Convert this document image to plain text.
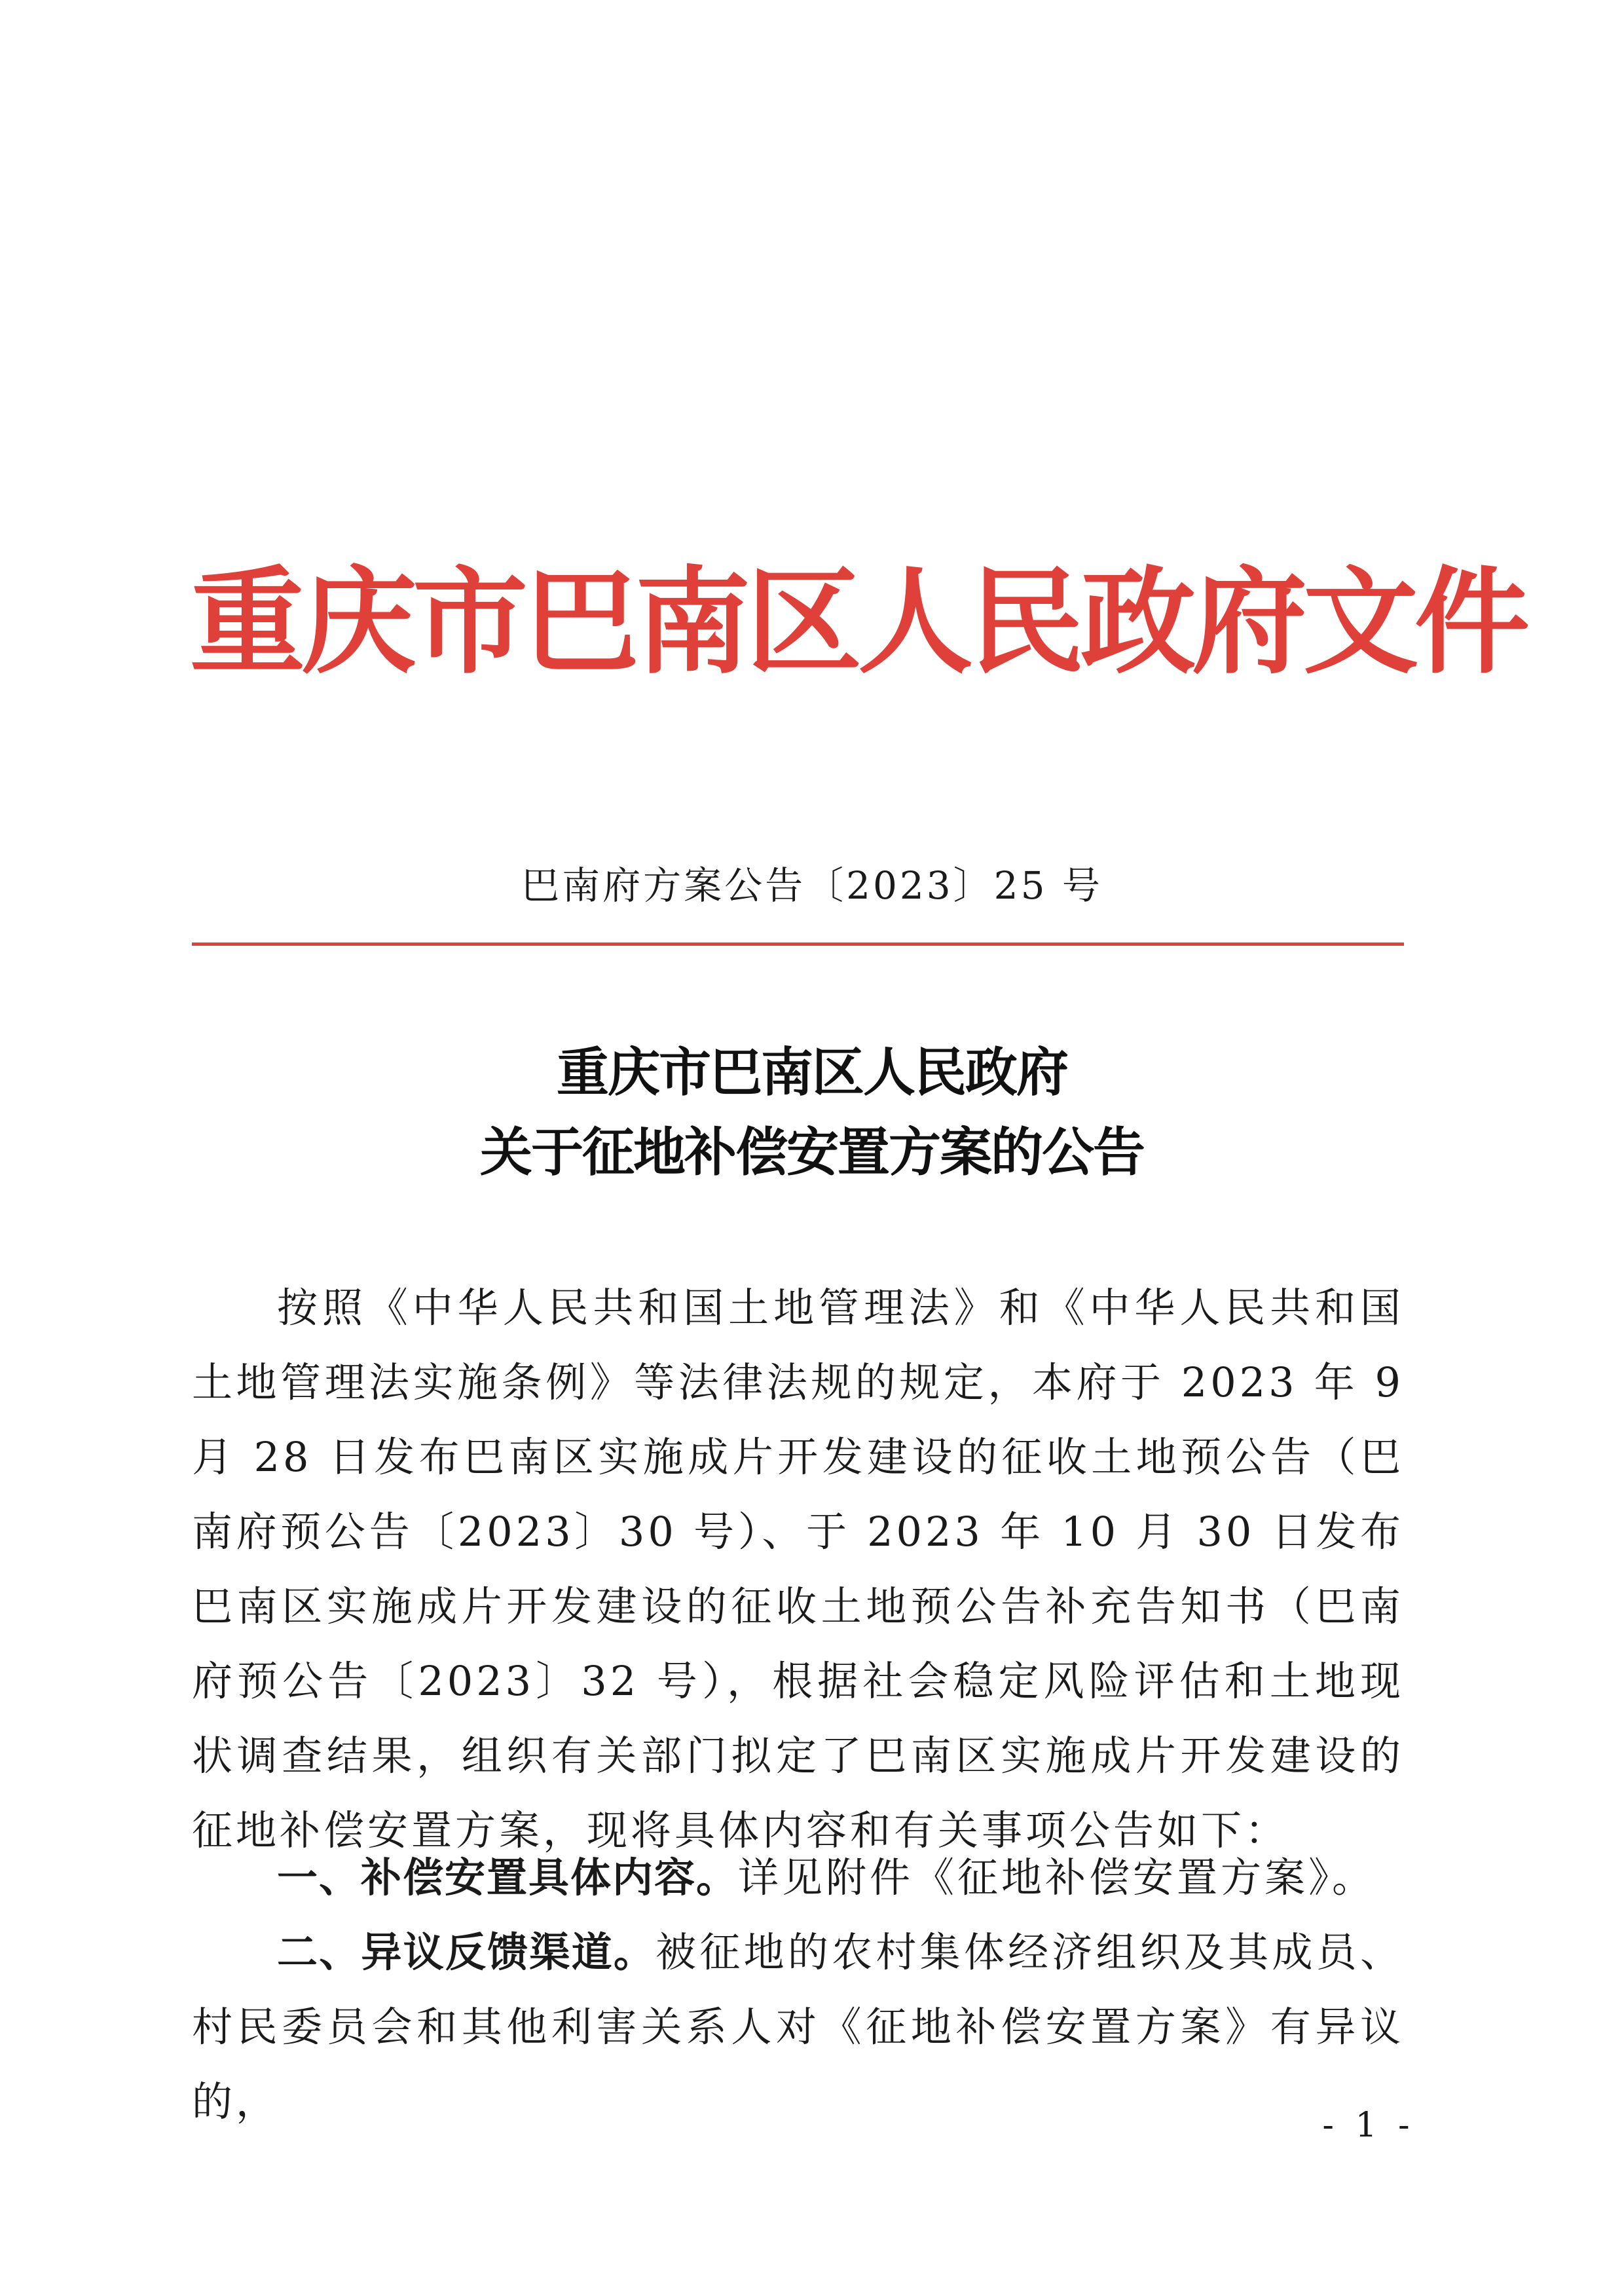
重庆市巴南区人民政府文件
巴南府方案公告〔2023〕25 号
重庆市巴南区人民政府
关于征地补偿安置方案的公告

按照《中华人民共和国土地管理法》和《中华人民共和国土地管理法实施条例》等法律法规的规定，本府于 2023 年 9 月 28 日发布巴南区实施成片开发建设的征收土地预公告（巴南府预公告〔2023〕30 号）、于 2023 年 10 月 30 日发布巴南区实施成片开发建设的征收土地预公告补充告知书（巴南府预公告〔2023〕32 号），根据社会稳定风险评估和土地现状调查结果，组织有关部门拟定了巴南区实施成片开发建设的征地补偿安置方案，现将具体内容和有关事项公告如下：

一、补偿安置具体内容。详见附件《征地补偿安置方案》。

二、异议反馈渠道。被征地的农村集体经济组织及其成员、村民委员会和其他利害关系人对《征地补偿安置方案》有异议的，	- 1 -
